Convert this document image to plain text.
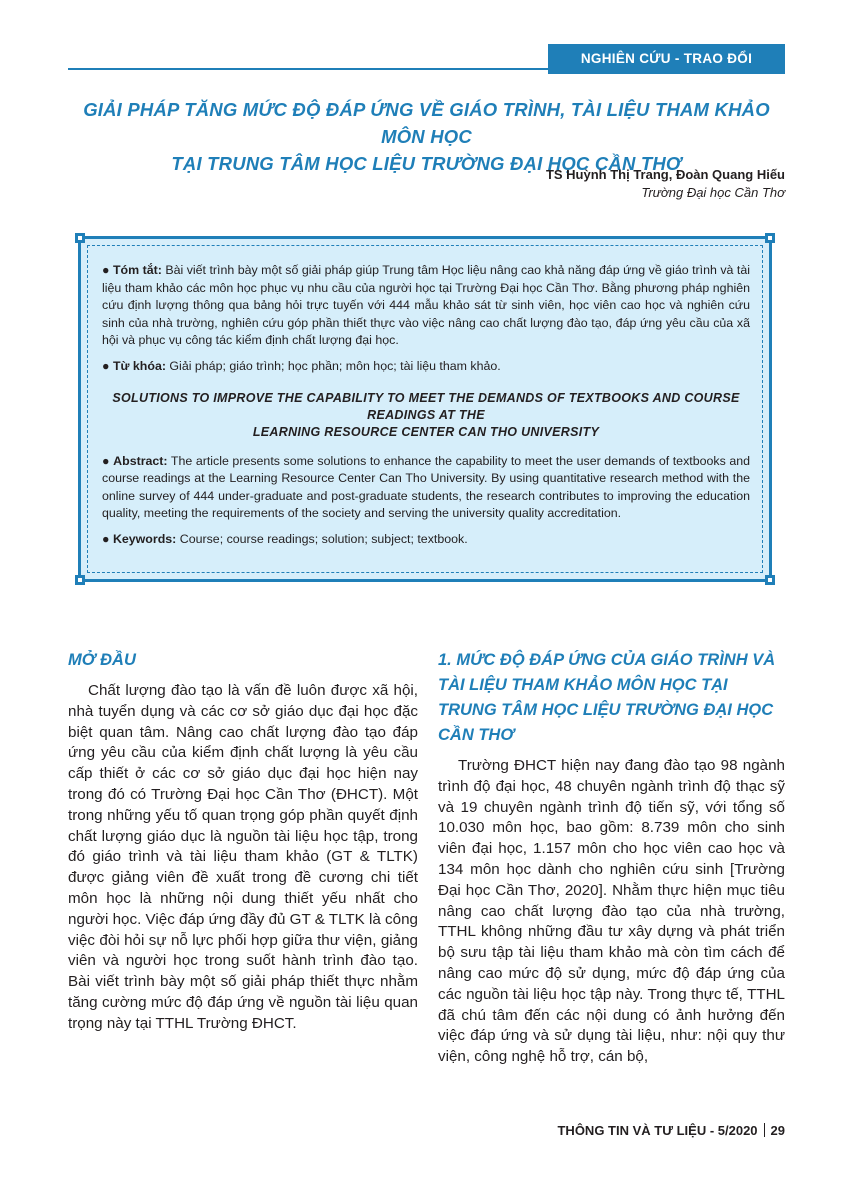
NGHIÊN CỨU - TRAO ĐỔI
GIẢI PHÁP TĂNG MỨC ĐỘ ĐÁP ỨNG VỀ GIÁO TRÌNH, TÀI LIỆU THAM KHẢO MÔN HỌC
TẠI TRUNG TÂM HỌC LIỆU TRƯỜNG ĐẠI HỌC CẦN THƠ
TS Huỳnh Thị Trang, Đoàn Quang Hiếu
Trường Đại học Cần Thơ

● Tóm tắt: Bài viết trình bày một số giải pháp giúp Trung tâm Học liệu nâng cao khả năng đáp ứng về giáo trình và tài liệu tham khảo các môn học phục vụ nhu cầu của người học tại Trường Đại học Cần Thơ. Bằng phương pháp nghiên cứu định lượng thông qua bảng hỏi trực tuyến với 444 mẫu khảo sát từ sinh viên, học viên cao học và nghiên cứu sinh của nhà trường, nghiên cứu góp phần thiết thực vào việc nâng cao chất lượng đào tạo, đáp ứng yêu cầu của xã hội và phục vụ công tác kiểm định chất lượng đại học.

● Từ khóa: Giải pháp; giáo trình; học phần; môn học; tài liệu tham khảo.

SOLUTIONS TO IMPROVE THE CAPABILITY TO MEET THE DEMANDS OF TEXTBOOKS AND COURSE READINGS AT THE
LEARNING RESOURCE CENTER CAN THO UNIVERSITY

● Abstract: The article presents some solutions to enhance the capability to meet the user demands of textbooks and course readings at the Learning Resource Center Can Tho University. By using quantitative research method with the online survey of 444 under-graduate and post-graduate students, the research contributes to improving the education quality, meeting the requirements of the society and serving the university quality accreditation.

● Keywords: Course; course readings; solution; subject; textbook.

MỞ ĐẦU

Chất lượng đào tạo là vấn đề luôn được xã hội, nhà tuyển dụng và các cơ sở giáo dục đại học đặc biệt quan tâm. Nâng cao chất lượng đào tạo đáp ứng yêu cầu của kiểm định chất lượng là yêu cầu cấp thiết ở các cơ sở giáo dục đại học hiện nay trong đó có Trường Đại học Cần Thơ (ĐHCT). Một trong những yếu tố quan trọng góp phần quyết định chất lượng giáo dục là nguồn tài liệu học tập, trong đó giáo trình và tài liệu tham khảo (GT & TLTK) được giảng viên đề xuất trong đề cương chi tiết môn học là những nội dung thiết yếu nhất cho người học. Việc đáp ứng đầy đủ GT & TLTK là công việc đòi hỏi sự nỗ lực phối hợp giữa thư viện, giảng viên và người học trong suốt hành trình đào tạo. Bài viết trình bày một số giải pháp thiết thực nhằm tăng cường mức độ đáp ứng về nguồn tài liệu quan trọng này tại TTHL Trường ĐHCT.

1. MỨC ĐỘ ĐÁP ỨNG CỦA GIÁO TRÌNH VÀ TÀI LIỆU THAM KHẢO MÔN HỌC TẠI TRUNG TÂM HỌC LIỆU TRƯỜNG ĐẠI HỌC CẦN THƠ

Trường ĐHCT hiện nay đang đào tạo 98 ngành trình độ đại học, 48 chuyên ngành trình độ thạc sỹ và 19 chuyên ngành trình độ tiến sỹ, với tổng số 10.030 môn học, bao gồm: 8.739 môn cho sinh viên đại học, 1.157 môn cho học viên cao học và 134 môn học dành cho nghiên cứu sinh [Trường Đại học Cần Thơ, 2020]. Nhằm thực hiện mục tiêu nâng cao chất lượng đào tạo của nhà trường, TTHL không những đầu tư xây dựng và phát triển bộ sưu tập tài liệu tham khảo mà còn tìm cách để nâng cao mức độ sử dụng, mức độ đáp ứng của các nguồn tài liệu học tập này. Trong thực tế, TTHL đã chú tâm đến các nội dung có ảnh hưởng đến việc đáp ứng và sử dụng tài liệu, như: nội quy thư viện, công nghệ hỗ trợ, cán bộ,

THÔNG TIN VÀ TƯ LIỆU - 5/2020 29
